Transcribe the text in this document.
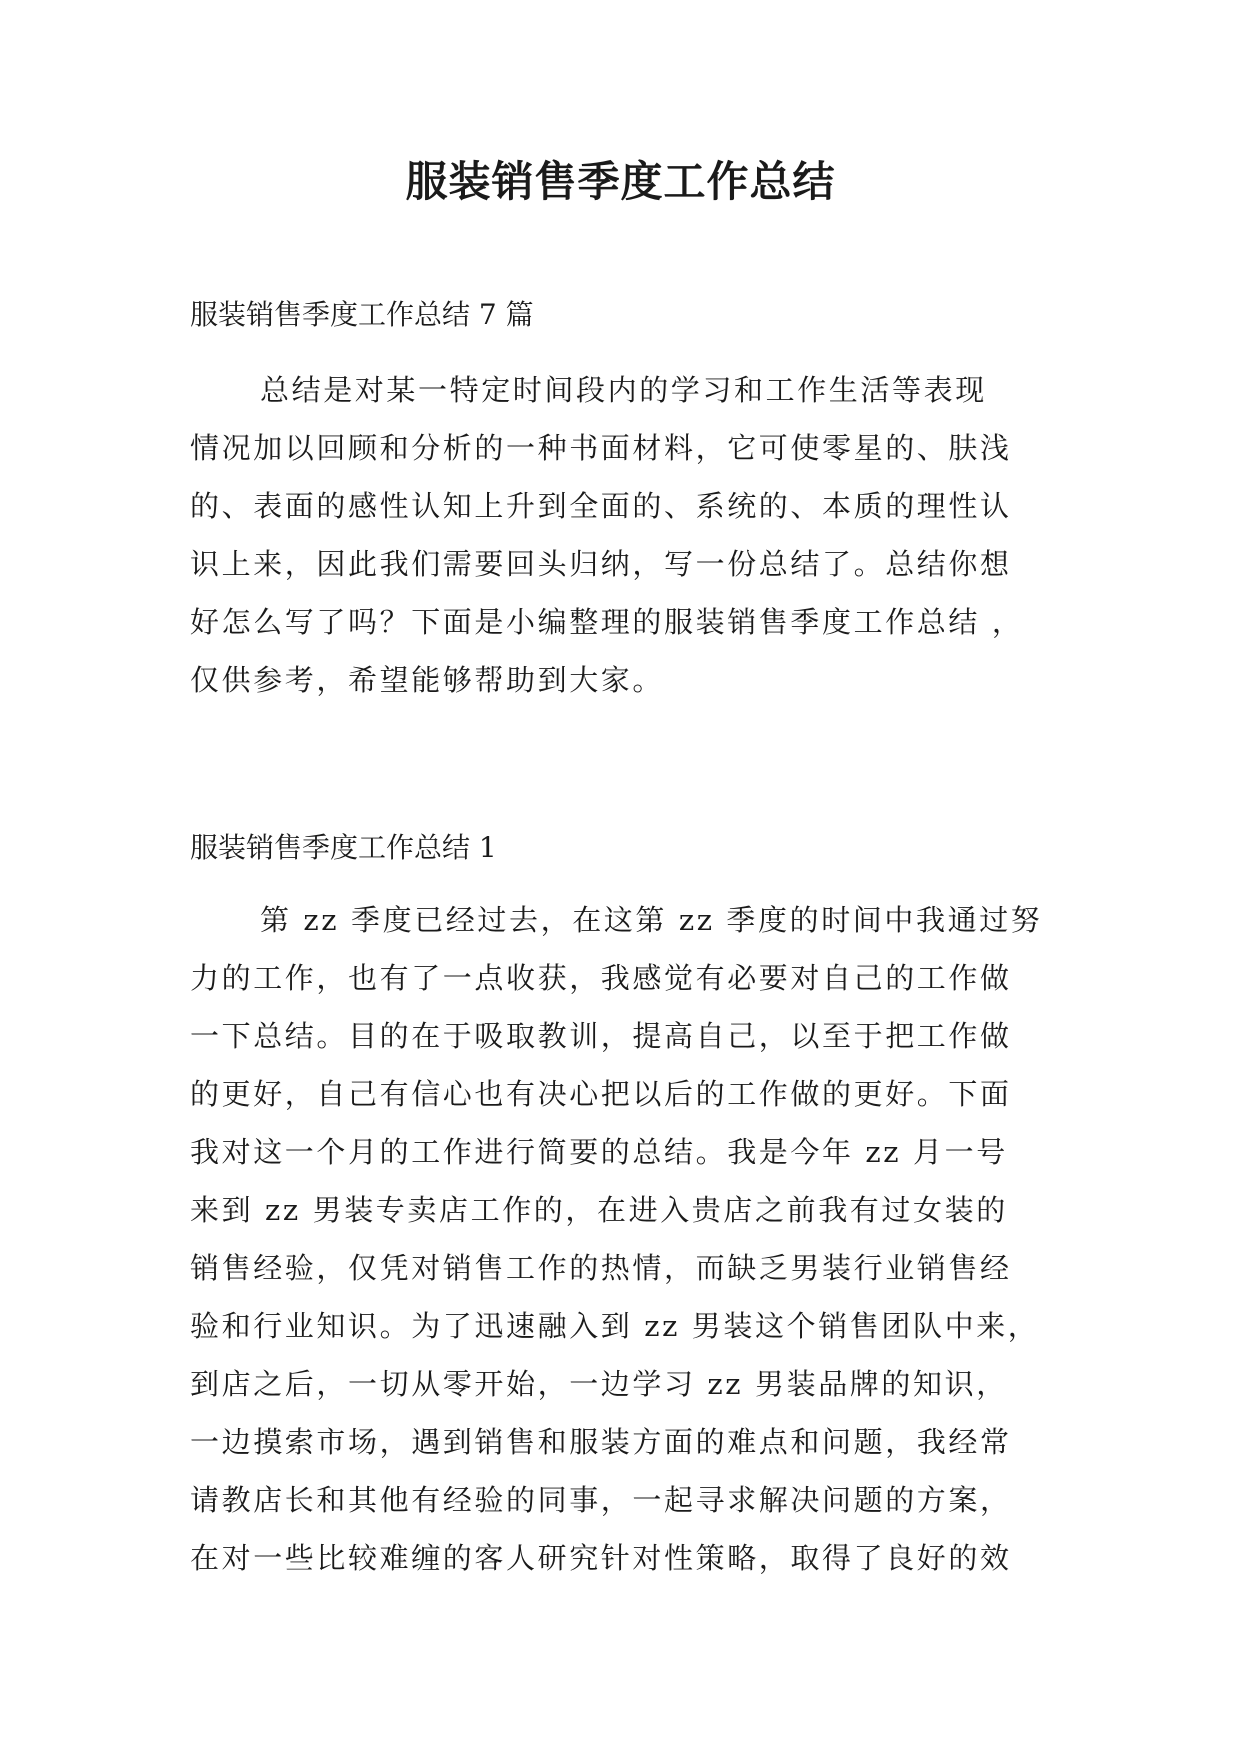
服装销售季度工作总结

服装销售季度工作总结 7 篇

总结是对某一特定时间段内的学习和工作生活等表现
情况加以回顾和分析的一种书面材料，它可使零星的、肤浅
的、表面的感性认知上升到全面的、系统的、本质的理性认
识上来，因此我们需要回头归纳，写一份总结了。总结你想
好怎么写了吗？下面是小编整理的服装销售季度工作总结 ，
仅供参考，希望能够帮助到大家。

服装销售季度工作总结 1

第 zz 季度已经过去，在这第 zz 季度的时间中我通过努
力的工作，也有了一点收获，我感觉有必要对自己的工作做
一下总结。目的在于吸取教训，提高自己，以至于把工作做
的更好，自己有信心也有决心把以后的工作做的更好。下面
我对这一个月的工作进行简要的总结。我是今年 zz 月一号
来到 zz 男装专卖店工作的，在进入贵店之前我有过女装的
销售经验，仅凭对销售工作的热情，而缺乏男装行业销售经
验和行业知识。为了迅速融入到 zz 男装这个销售团队中来，
到店之后，一切从零开始，一边学习 zz 男装品牌的知识，
一边摸索市场，遇到销售和服装方面的难点和问题，我经常
请教店长和其他有经验的同事，一起寻求解决问题的方案，
在对一些比较难缠的客人研究针对性策略，取得了良好的效
